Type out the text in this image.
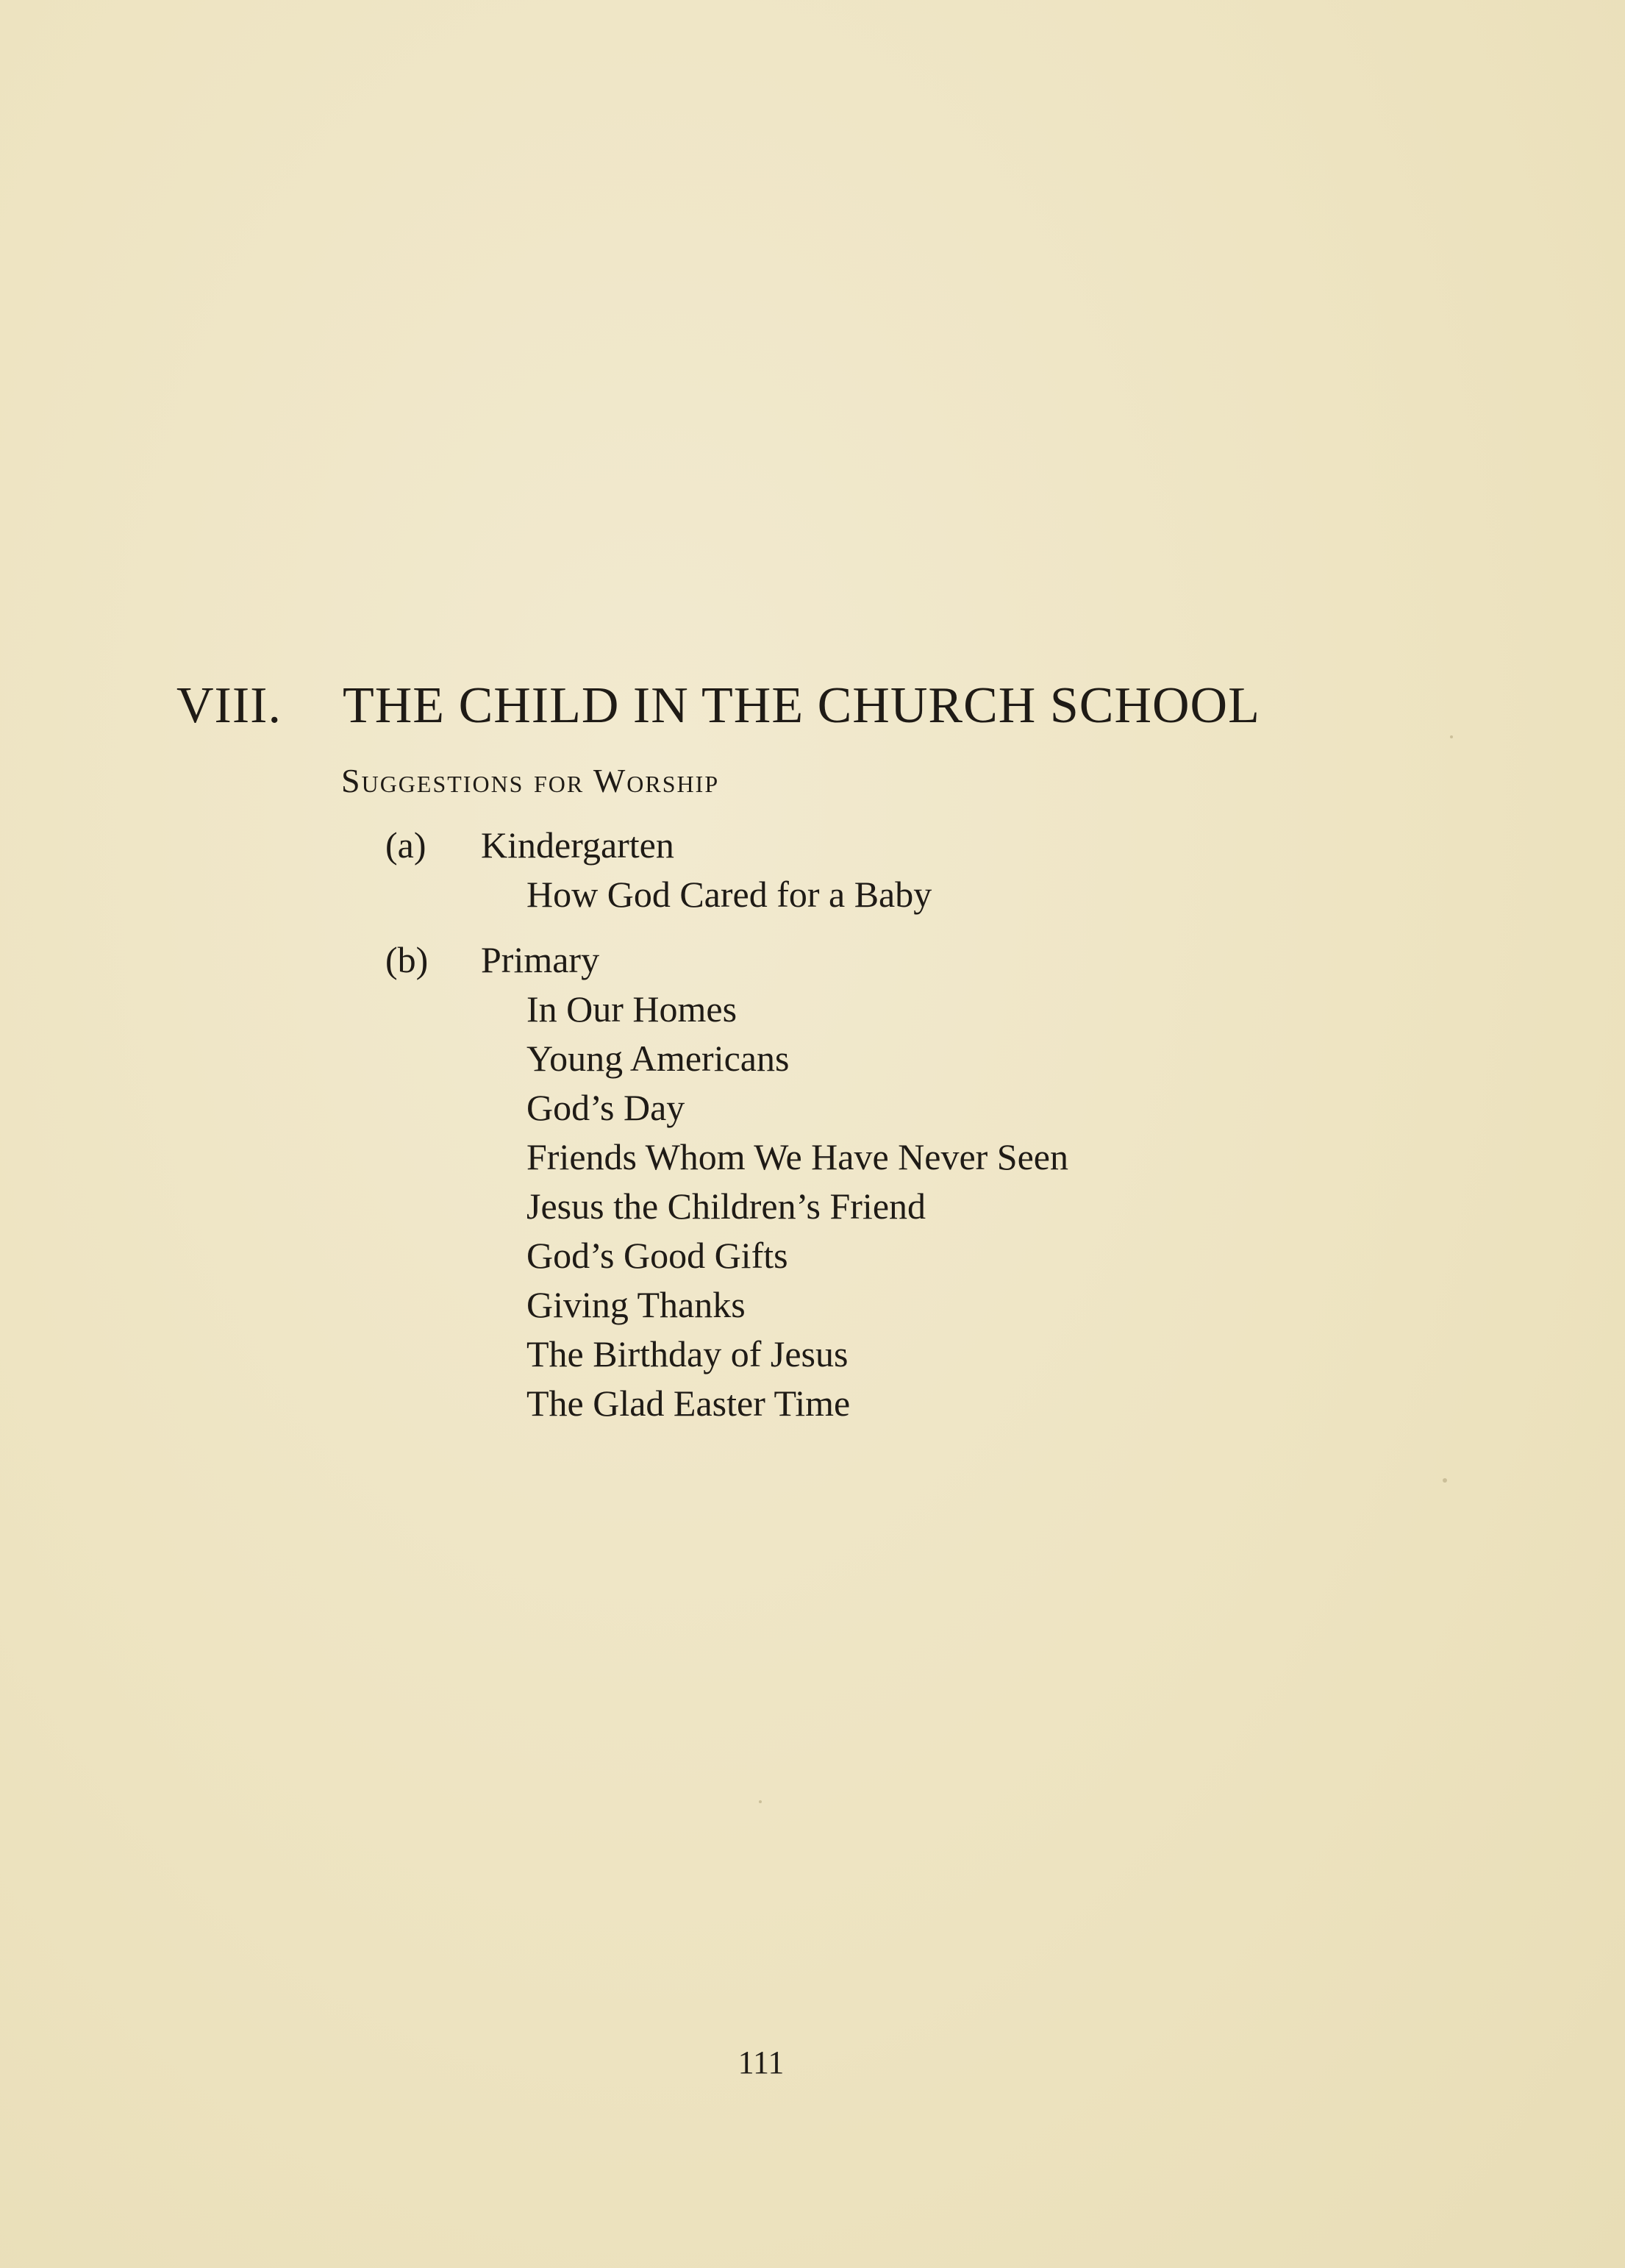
VIII. THE CHILD IN THE CHURCH SCHOOL
Suggestions for Worship
(a) Kindergarten
How God Cared for a Baby
(b) Primary
In Our Homes
Young Americans
God’s Day
Friends Whom We Have Never Seen
Jesus the Children’s Friend
God’s Good Gifts
Giving Thanks
The Birthday of Jesus
The Glad Easter Time
111
